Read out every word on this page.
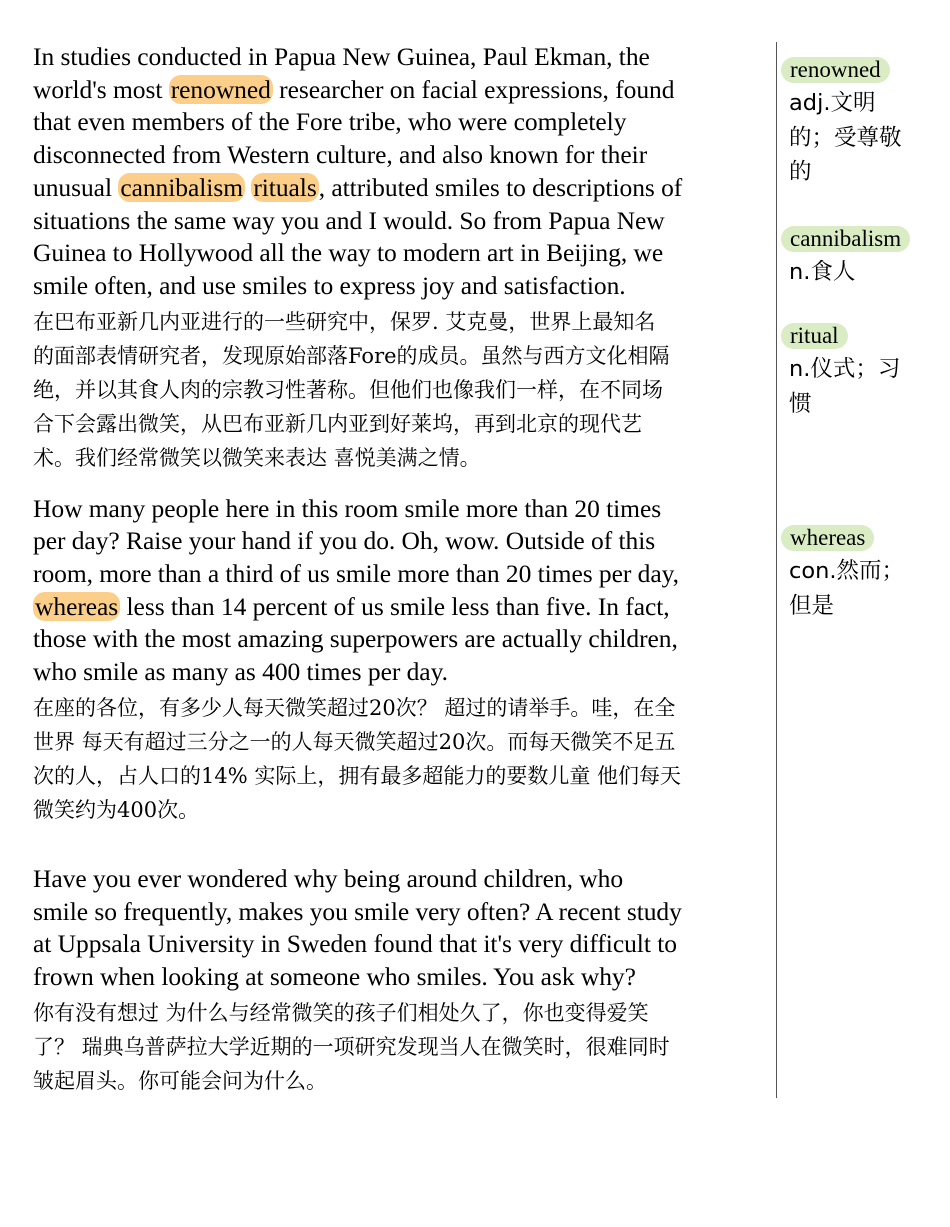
In studies conducted in Papua New Guinea, Paul Ekman, the
world's most renowned researcher on facial expressions, found
that even members of the Fore tribe, who were completely
disconnected from Western culture, and also known for their
unusual cannibalism rituals, attributed smiles to descriptions of
situations the same way you and I would. So from Papua New
Guinea to Hollywood all the way to modern art in Beijing, we
smile often, and use smiles to express joy and satisfaction.
在巴布亚新几内亚进行的一些研究中，保罗. 艾克曼，世界上最知名
的面部表情研究者，发现原始部落Fore的成员。虽然与西方文化相隔
绝，并以其食人肉的宗教习性著称。但他们也像我们一样，在不同场
合下会露出微笑，从巴布亚新几内亚到好莱坞，再到北京的现代艺
术。我们经常微笑以微笑来表达 喜悦美满之情。
How many people here in this room smile more than 20 times
per day? Raise your hand if you do. Oh, wow. Outside of this
room, more than a third of us smile more than 20 times per day,
whereas less than 14 percent of us smile less than five. In fact,
those with the most amazing superpowers are actually children,
who smile as many as 400 times per day.
在座的各位，有多少人每天微笑超过20次？ 超过的请举手。哇，在全
世界 每天有超过三分之一的人每天微笑超过20次。而每天微笑不足五
次的人，占人口的14% 实际上，拥有最多超能力的要数儿童 他们每天
微笑约为400次。
Have you ever wondered why being around children, who
smile so frequently, makes you smile very often? A recent study
at Uppsala University in Sweden found that it's very difficult to
frown when looking at someone who smiles. You ask why?
你有没有想过 为什么与经常微笑的孩子们相处久了，你也变得爱笑
了？ 瑞典乌普萨拉大学近期的一项研究发现当人在微笑时，很难同时
皱起眉头。你可能会问为什么。
renowned
adj.文明
的；受尊敬
的
cannibalism
n.食人
ritual
n.仪式；习
惯
whereas
con.然而；
但是
